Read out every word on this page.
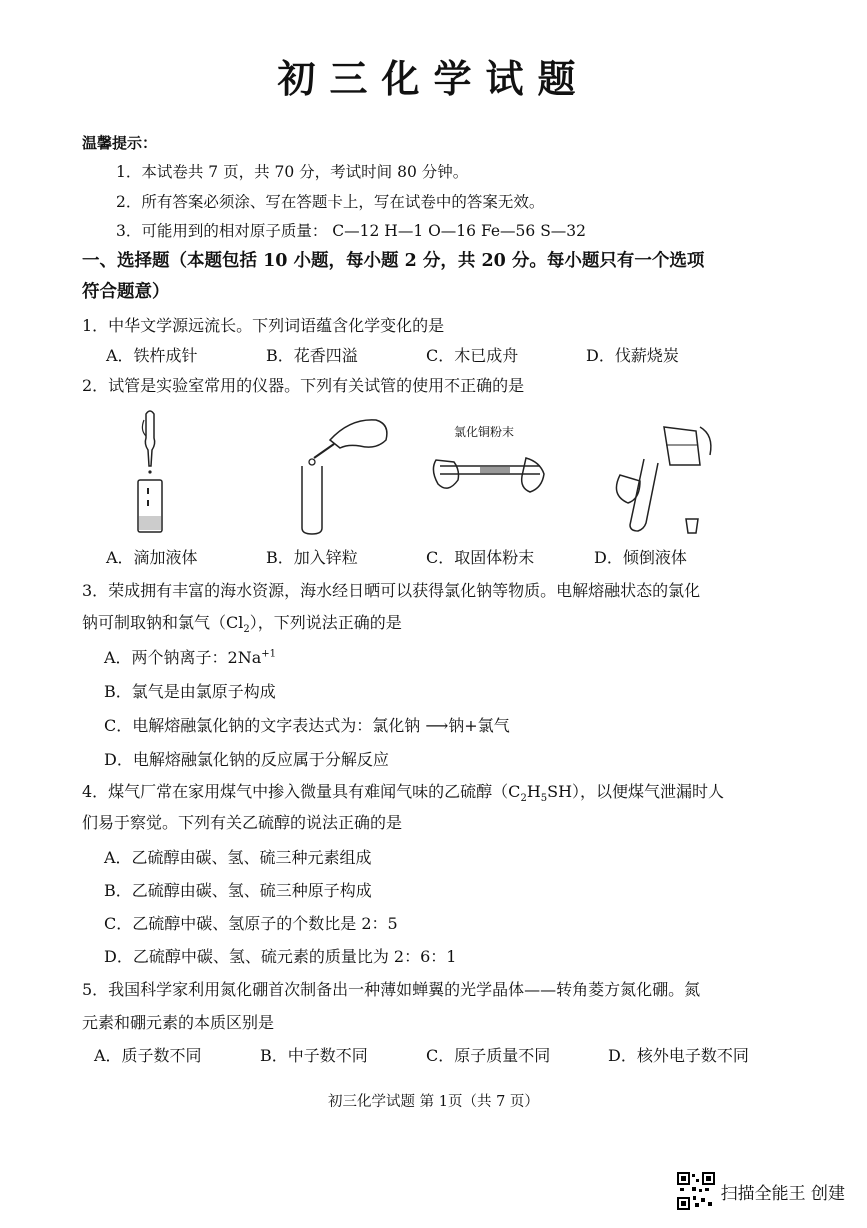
初三化学试题
温馨提示：
1．本试卷共 7 页，共 70 分，考试时间 80 分钟。
2．所有答案必须涂、写在答题卡上，写在试卷中的答案无效。
3．可能用到的相对原子质量： C—12 H—1 O—16 Fe—56 S—32
一、选择题（本题包括 10 小题，每小题 2 分，共 20 分。每小题只有一个选项
符合题意）
1．中华文学源远流长。下列词语蕴含化学变化的是
A．铁杵成针	B．花香四溢	C．木已成舟	D．伐薪烧炭
2．试管是实验室常用的仪器。下列有关试管的使用不正确的是
氯化铜粉末
A．滴加液体	B．加入锌粒	C．取固体粉末	D．倾倒液体
3．荣成拥有丰富的海水资源，海水经日晒可以获得氯化钠等物质。电解熔融状态的氯化
钠可制取钠和氯气$(Cl_2)$，下列说法正确的是
A．两个钠离子：$2Na^{+1}$
B．氯气是由氯原子构成
C．电解熔融氯化钠的文字表达式为：氯化钠 ⟶钠+氯气
D．电解熔融氯化钠的反应属于分解反应
4．煤气厂常在家用煤气中掺入微量具有难闻气味的乙硫醇$(C_2H_5SH)$，以便煤气泄漏时人
们易于察觉。下列有关乙硫醇的说法正确的是
A．乙硫醇由碳、氢、硫三种元素组成
B．乙硫醇由碳、氢、硫三种原子构成
C．乙硫醇中碳、氢原子的个数比是 2：5
D．乙硫醇中碳、氢、硫元素的质量比为 2：6：1
5．我国科学家利用氮化硼首次制备出一种薄如蝉翼的光学晶体——转角菱方氮化硼。氮
元素和硼元素的本质区别是
A．质子数不同	B．中子数不同	C．原子质量不同	D．核外电子数不同
初三化学试题 第 1页（共 7 页）
扫描全能王 创建
